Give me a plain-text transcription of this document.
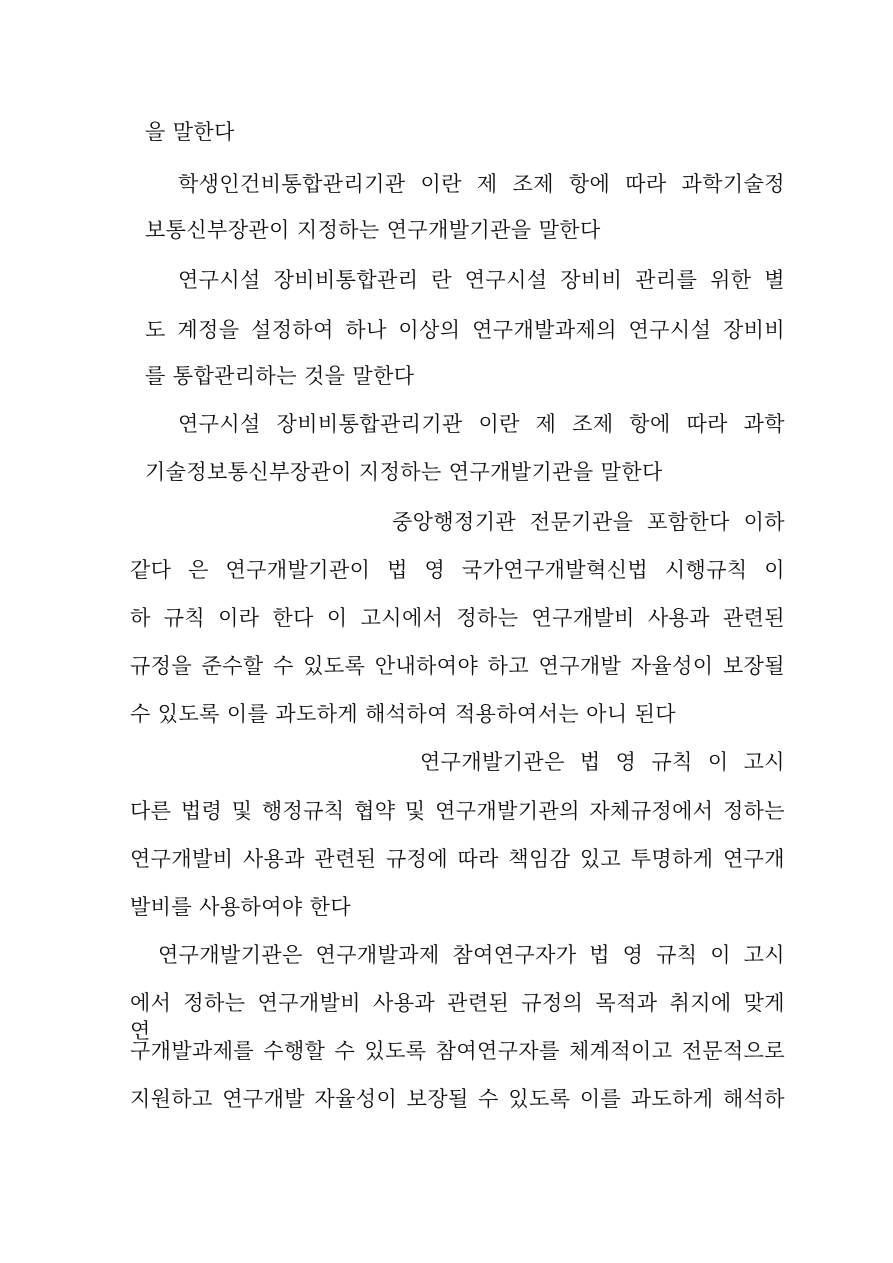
을 말한다
학생인건비통합관리기관 이란 제 조제 항에 따라 과학기술정
보통신부장관이 지정하는 연구개발기관을 말한다
연구시설 장비비통합관리 란 연구시설 장비비 관리를 위한 별
도 계정을 설정하여 하나 이상의 연구개발과제의 연구시설 장비비
를 통합관리하는 것을 말한다
연구시설 장비비통합관리기관 이란 제 조제 항에 따라 과학
기술정보통신부장관이 지정하는 연구개발기관을 말한다
중앙행정기관 전문기관을 포함한다 이하
같다 은 연구개발기관이 법 영 국가연구개발혁신법 시행규칙 이
하 규칙 이라 한다 이 고시에서 정하는 연구개발비 사용과 관련된
규정을 준수할 수 있도록 안내하여야 하고 연구개발 자율성이 보장될
수 있도록 이를 과도하게 해석하여 적용하여서는 아니 된다
연구개발기관은 법 영 규칙 이 고시
다른 법령 및 행정규칙 협약 및 연구개발기관의 자체규정에서 정하는
연구개발비 사용과 관련된 규정에 따라 책임감 있고 투명하게 연구개
발비를 사용하여야 한다
연구개발기관은 연구개발과제 참여연구자가 법 영 규칙 이 고시
에서 정하는 연구개발비 사용과 관련된 규정의 목적과 취지에 맞게 연
구개발과제를 수행할 수 있도록 참여연구자를 체계적이고 전문적으로
지원하고 연구개발 자율성이 보장될 수 있도록 이를 과도하게 해석하
